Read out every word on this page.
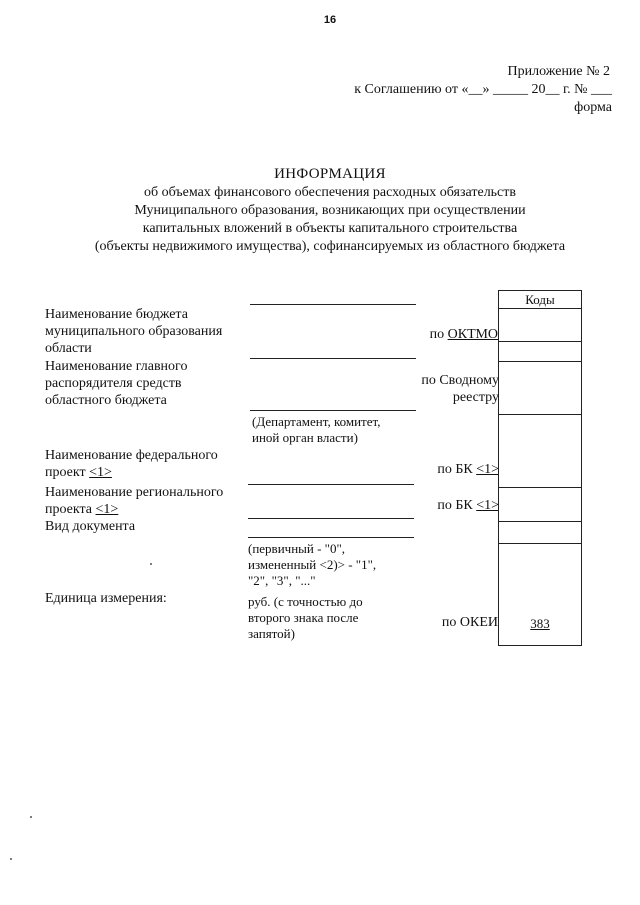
16
Приложение № 2
к Соглашению от «__» _____ 20__ г. № ___
форма
ИНФОРМАЦИЯ
об объемах финансового обеспечения расходных обязательств
Муниципального образования, возникающих при осуществлении
капитальных вложений в объекты капитального строительства
(объекты недвижимого имущества), софинансируемых из областного бюджета
Наименование бюджета
муниципального образования
области
Наименование главного
распорядителя средств
областного бюджета
Наименование федерального
проект <1>
Наименование регионального
проекта <1>
Вид документа
Единица измерения:
(Департамент, комитет,
иной орган власти)
(первичный - "0",
измененный <2)> - "1",
"2", "3", "..."
руб. (с точностью до
второго знака после
запятой)
по ОКТМО
по Сводному
реестру
по БК <1>
по БК <1>
по ОКЕИ
Коды
383
